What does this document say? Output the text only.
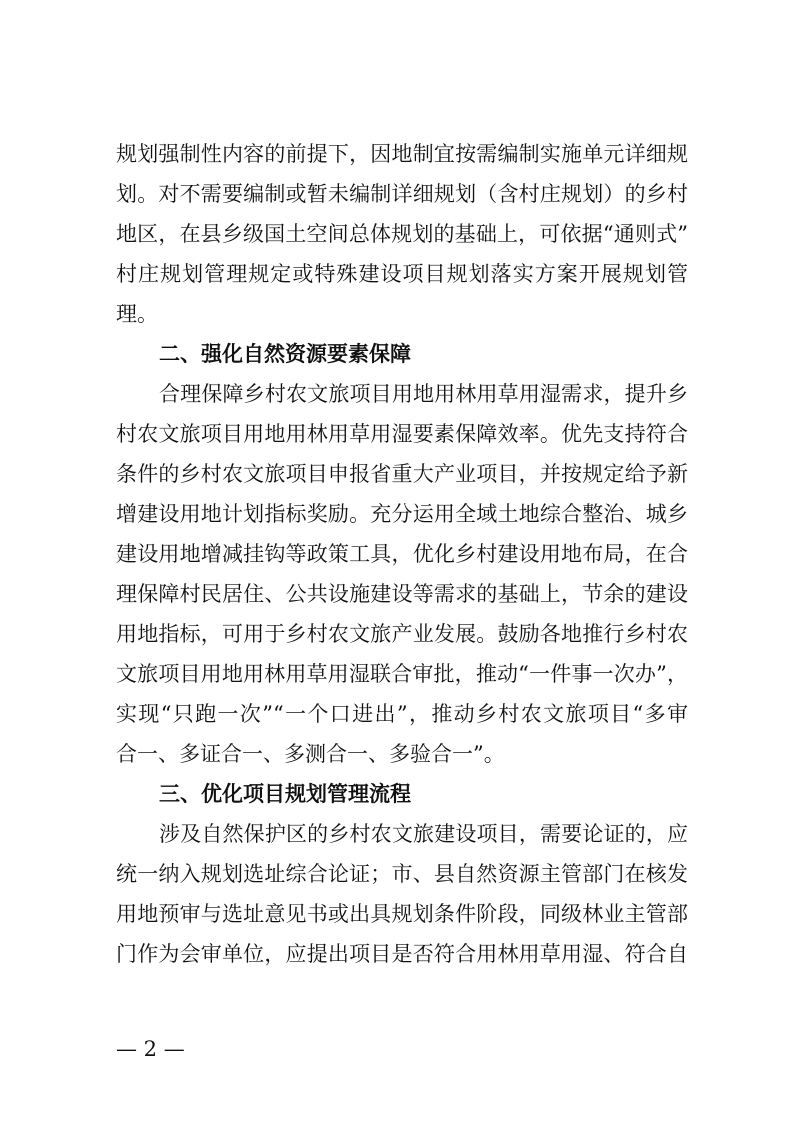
规划强制性内容的前提下，因地制宜按需编制实施单元详细规
划。对不需要编制或暂未编制详细规划（含村庄规划）的乡村
地区，在县乡级国土空间总体规划的基础上，可依据“通则式”
村庄规划管理规定或特殊建设项目规划落实方案开展规划管
理。
二、强化自然资源要素保障
合理保障乡村农文旅项目用地用林用草用湿需求，提升乡
村农文旅项目用地用林用草用湿要素保障效率。优先支持符合
条件的乡村农文旅项目申报省重大产业项目，并按规定给予新
增建设用地计划指标奖励。充分运用全域土地综合整治、城乡
建设用地增减挂钩等政策工具，优化乡村建设用地布局，在合
理保障村民居住、公共设施建设等需求的基础上，节余的建设
用地指标，可用于乡村农文旅产业发展。鼓励各地推行乡村农
文旅项目用地用林用草用湿联合审批，推动“一件事一次办”，
实现“只跑一次”“一个口进出”，推动乡村农文旅项目“多审
合一、多证合一、多测合一、多验合一”。
三、优化项目规划管理流程
涉及自然保护区的乡村农文旅建设项目，需要论证的，应
统一纳入规划选址综合论证；市、县自然资源主管部门在核发
用地预审与选址意见书或出具规划条件阶段，同级林业主管部
门作为会审单位，应提出项目是否符合用林用草用湿、符合自
— 2 —
